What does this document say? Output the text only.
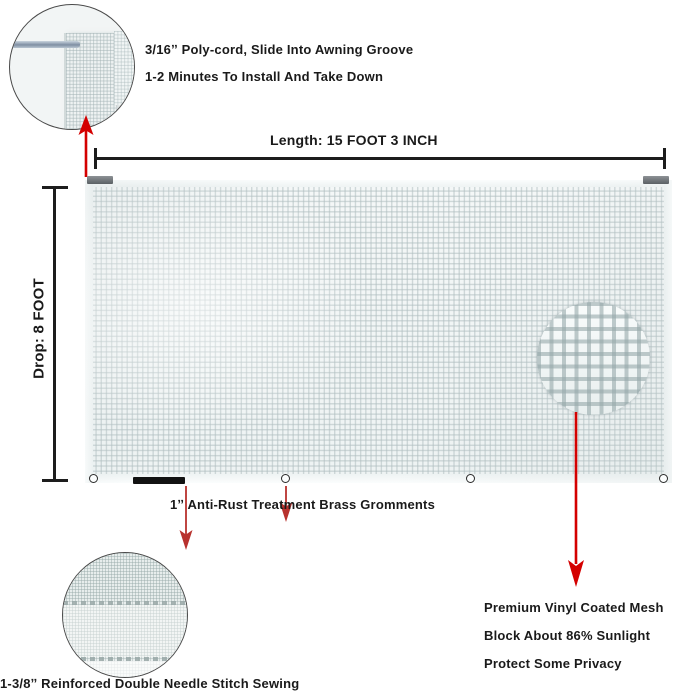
3/16ˮ Poly-cord, Slide Into Awning Groove
1-2 Minutes To Install And Take Down
Length: 15 FOOT 3 INCH
Drop: 8 FOOT
1ˮ Anti-Rust Treatment Brass Gromments
1-3/8ˮ Reinforced Double Needle Stitch Sewing
Premium Vinyl Coated Mesh
Block About 86% Sunlight
Protect Some Privacy
